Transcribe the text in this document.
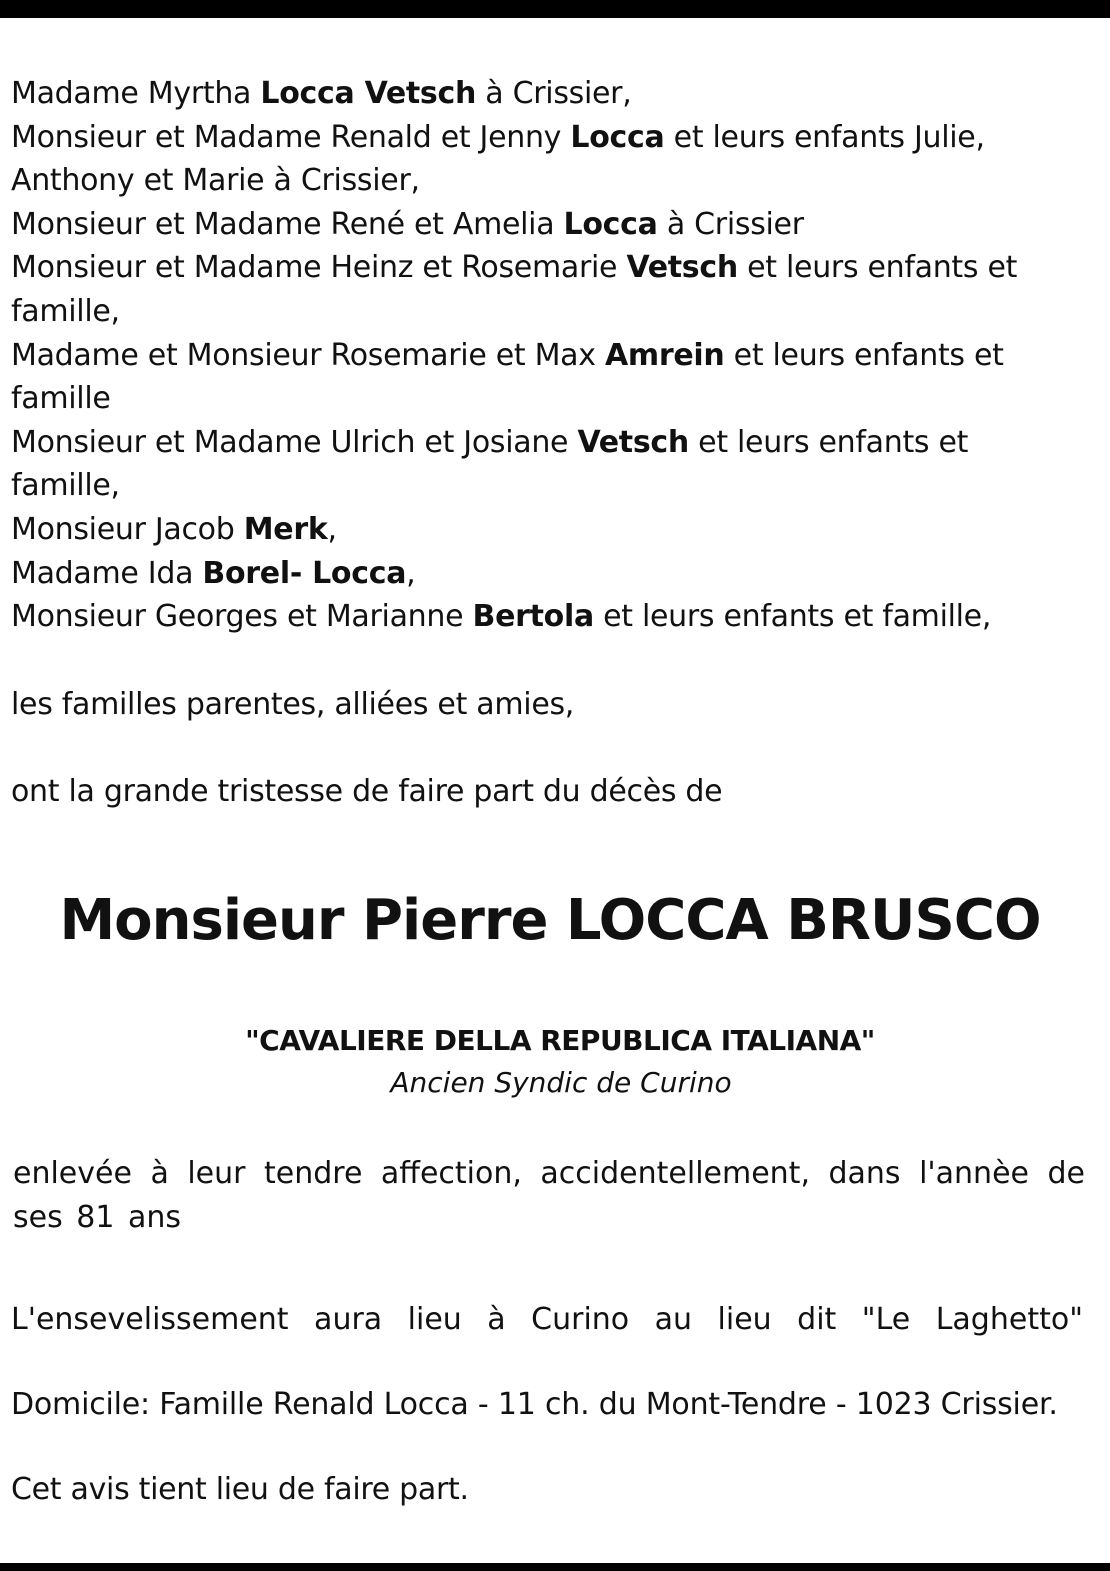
Madame Myrtha Locca Vetsch à Crissier,
Monsieur et Madame Renald et Jenny Locca et leurs enfants Julie,
Anthony et Marie à Crissier,
Monsieur et Madame René et Amelia Locca à Crissier
Monsieur et Madame Heinz et Rosemarie Vetsch et leurs enfants et
famille,
Madame et Monsieur Rosemarie et Max Amrein et leurs enfants et
famille
Monsieur et Madame Ulrich et Josiane Vetsch et leurs enfants et
famille,
Monsieur Jacob Merk,
Madame Ida Borel- Locca,
Monsieur Georges et Marianne Bertola et leurs enfants et famille,
les familles parentes, alliées et amies,
ont la grande tristesse de faire part du décès de
Monsieur Pierre LOCCA BRUSCO
"CAVALIERE DELLA REPUBLICA ITALIANA"
Ancien Syndic de Curino
enlevée à leur tendre affection, accidentellement, dans l'annèe de ses 81 ans
L'ensevelissement aura lieu à Curino au lieu dit "Le Laghetto"
Domicile: Famille Renald Locca - 11 ch. du Mont-Tendre - 1023 Crissier.
Cet avis tient lieu de faire part.
